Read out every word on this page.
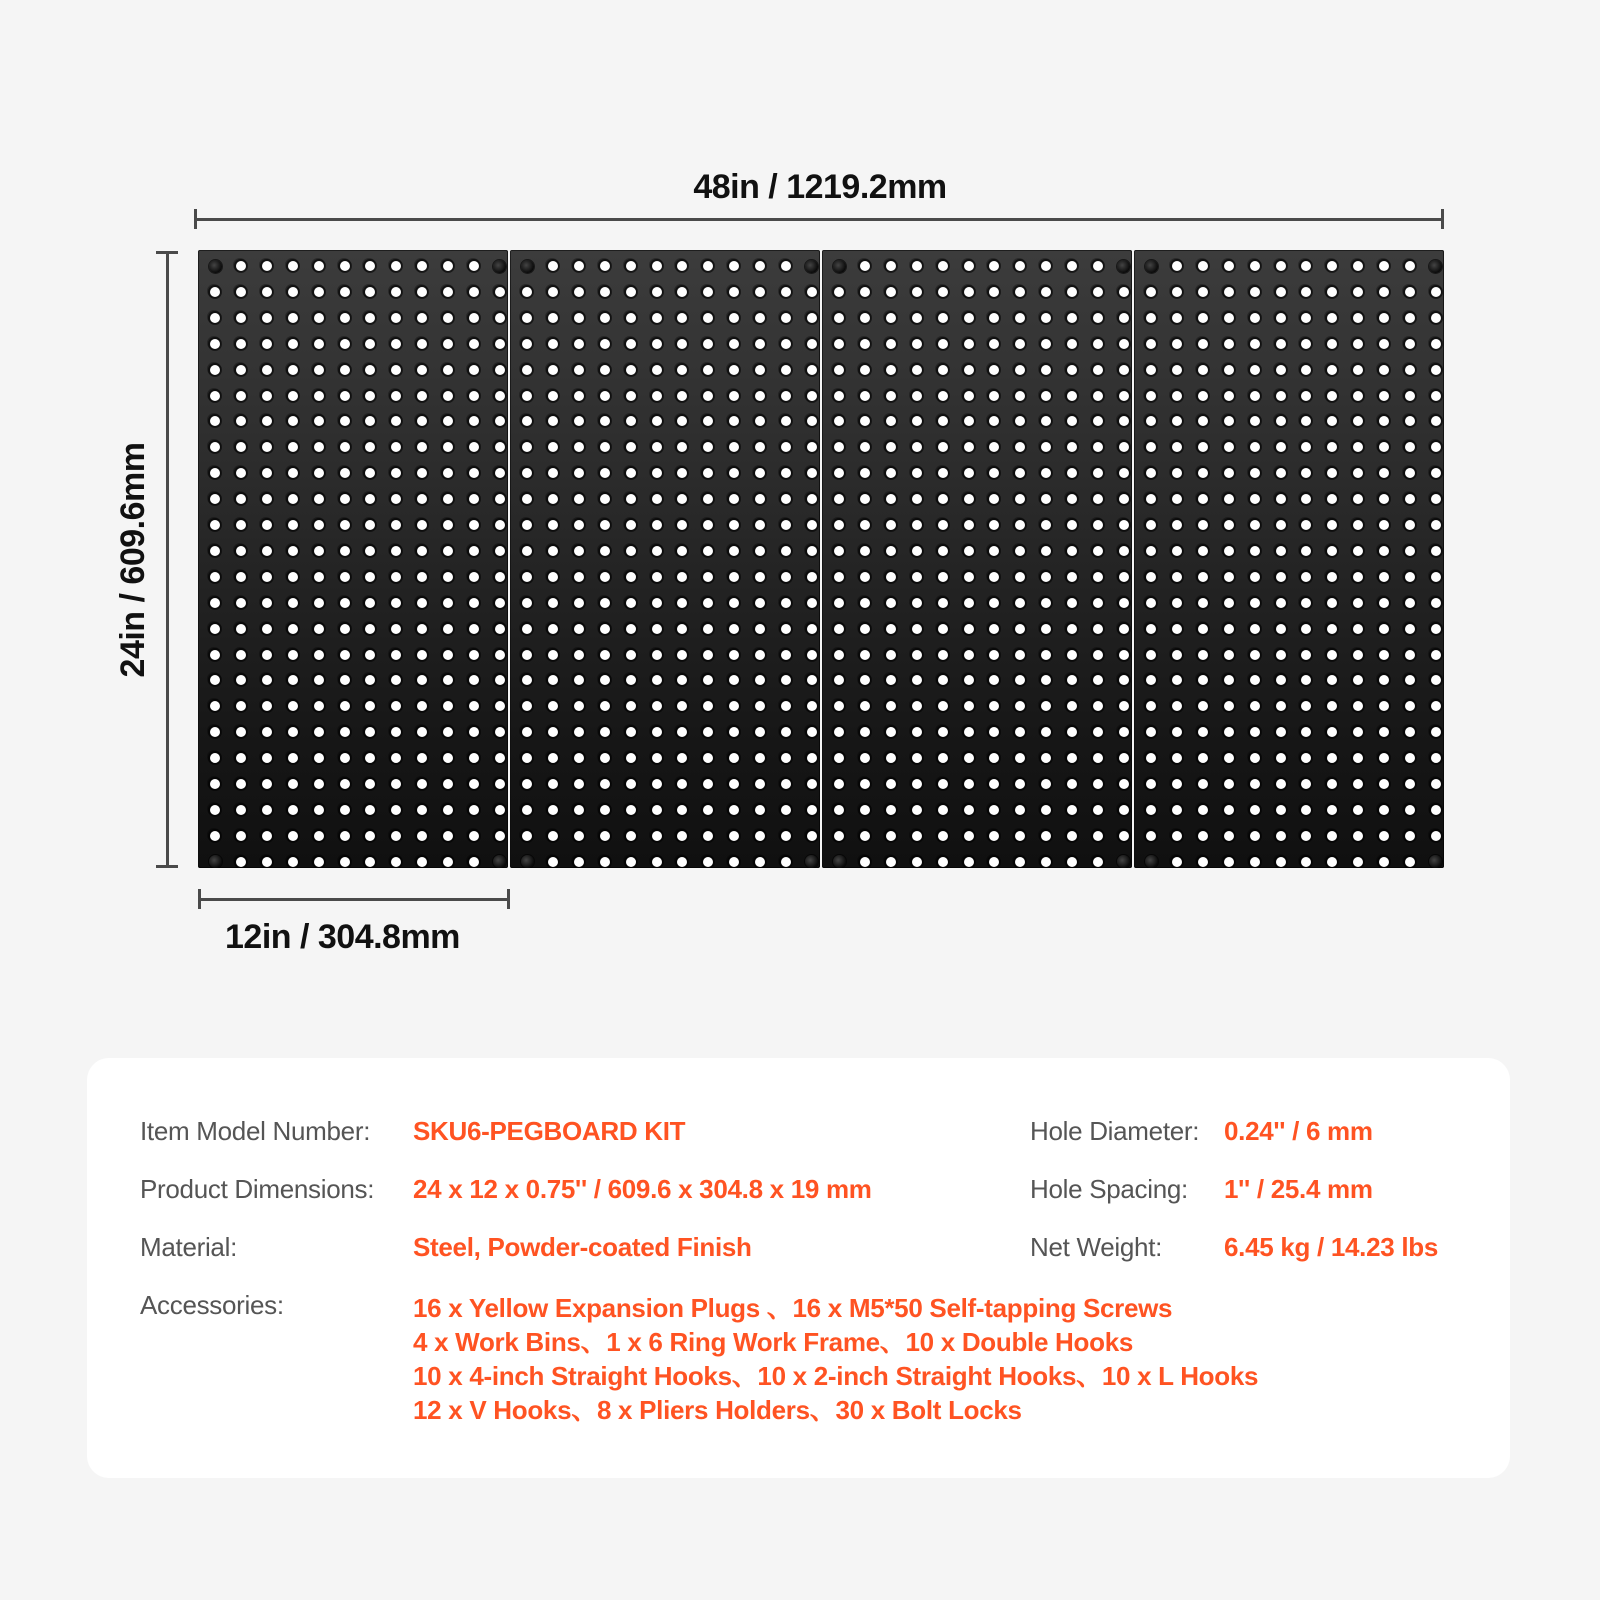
48in / 1219.2mm
24in / 609.6mm
12in / 304.8mm
Item Model Number: SKU6-PEGBOARD KIT
Product Dimensions: 24 x 12 x 0.75'' / 609.6 x 304.8 x 19 mm
Material:	Steel, Powder-coated Finish
Hole Diameter: 0.24'' / 6 mm
Hole Spacing: 1'' / 25.4 mm
Net Weight: 6.45 kg / 14.23 lbs
Accessories:	16 x Yellow Expansion Plugs 、16 x M5*50 Self-tapping Screws
4 x Work Bins、1 x 6 Ring Work Frame、10 x Double Hooks
10 x 4-inch Straight Hooks、10 x 2-inch Straight Hooks、10 x L Hooks
12 x V Hooks、8 x Pliers Holders、30 x Bolt Locks
